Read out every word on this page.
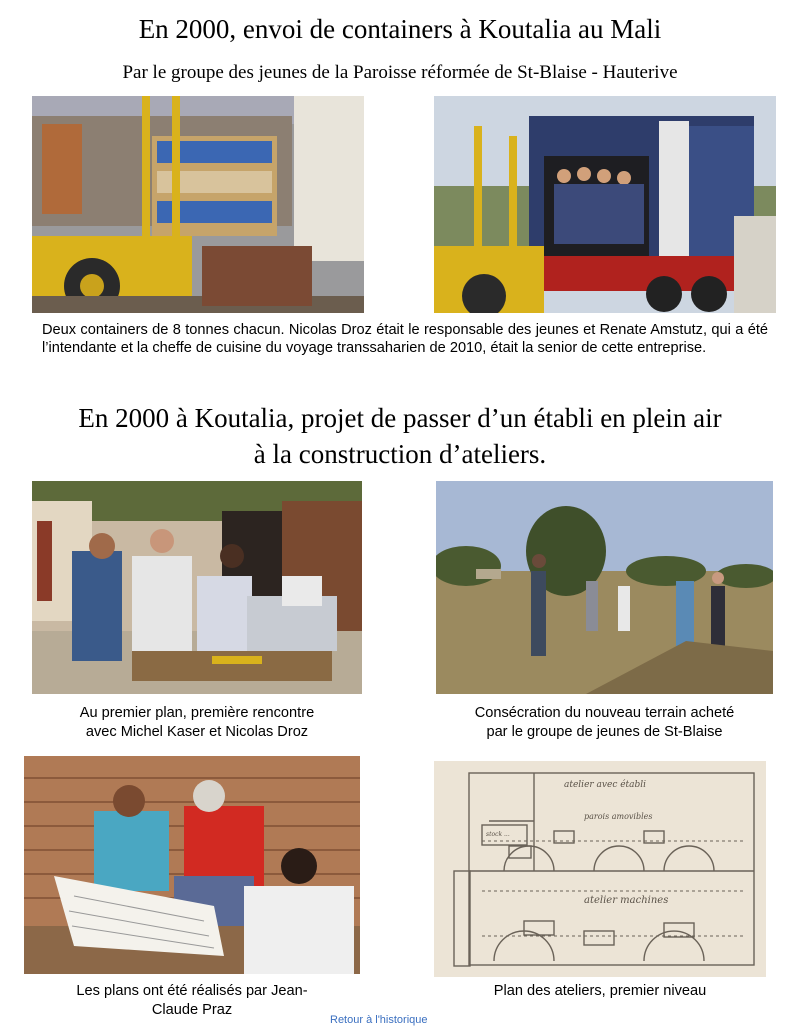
En 2000, envoi de containers à Koutalia au Mali
Par le groupe des jeunes de la Paroisse réformée de St-Blaise - Hauterive
Deux containers de 8 tonnes chacun. Nicolas Droz était le responsable des jeunes et Renate Amstutz, qui a été l’intendante et la cheffe de cuisine du voyage transsaharien de 2010, était la senior de cette entreprise.
En 2000 à Koutalia, projet de passer d’un établi en plein air
à la construction d’ateliers.
Au premier plan, première rencontre
avec Michel Kaser et Nicolas Droz
Consécration du nouveau terrain acheté
par le groupe de jeunes de St-Blaise
atelier avec établi
parois amovibles
atelier machines
stock ...
Les plans ont été réalisés par Jean-
Claude Praz
Plan des ateliers, premier niveau
Retour à l'historique
